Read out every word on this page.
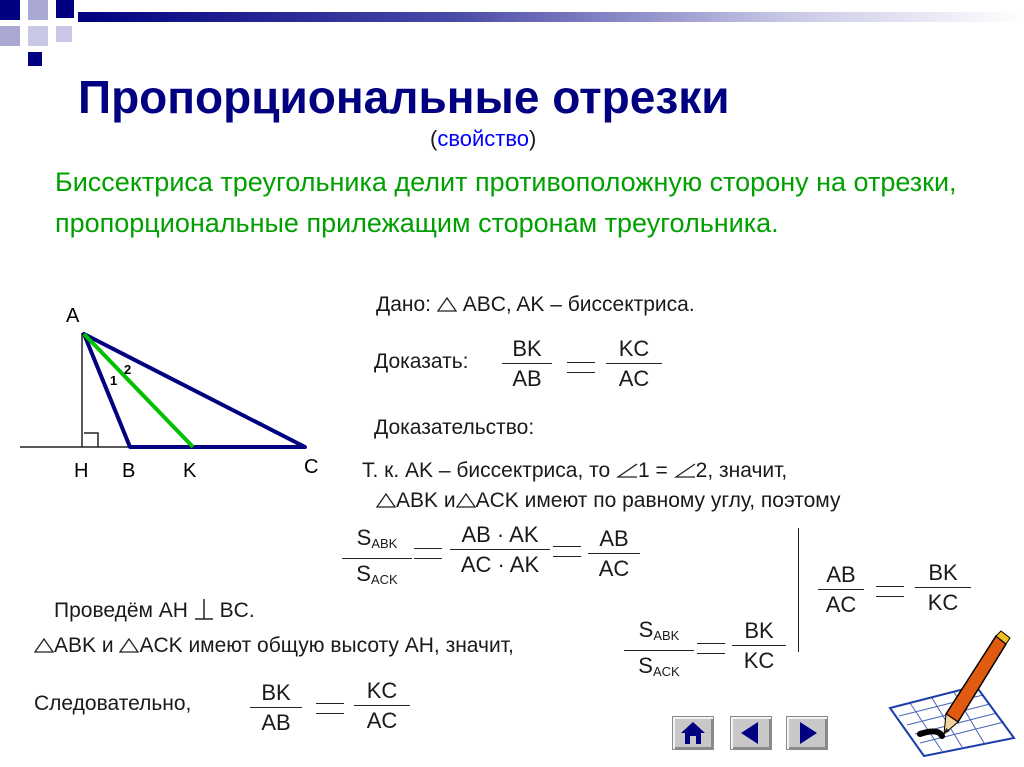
Пропорциональные отрезки
(свойство)
Биссектриса треугольника делит противоположную сторону на отрезки, пропорциональные прилежащим сторонам треугольника.
A
H B K	C
1
2
Дано: ABC, AK – биссектриса.
Доказать:
BK
AB
KC
AC
Доказательство:
Т. к. AK – биссектриса, то 1 = 2, значит,
ABK и ACK имеют по равному углу, поэтому
$S_{ABK}$
$S_{ACK}$
AB · AK
AC · AK
AB
AC	AB
AC
BK
KC
Проведём AH BC.
ABK и ACK имеют общую высоту AH, значит,
$S_{ABK}$
$S_{ACK}$
BK
KC
Следовательно,	BK
AB
KC
AC
